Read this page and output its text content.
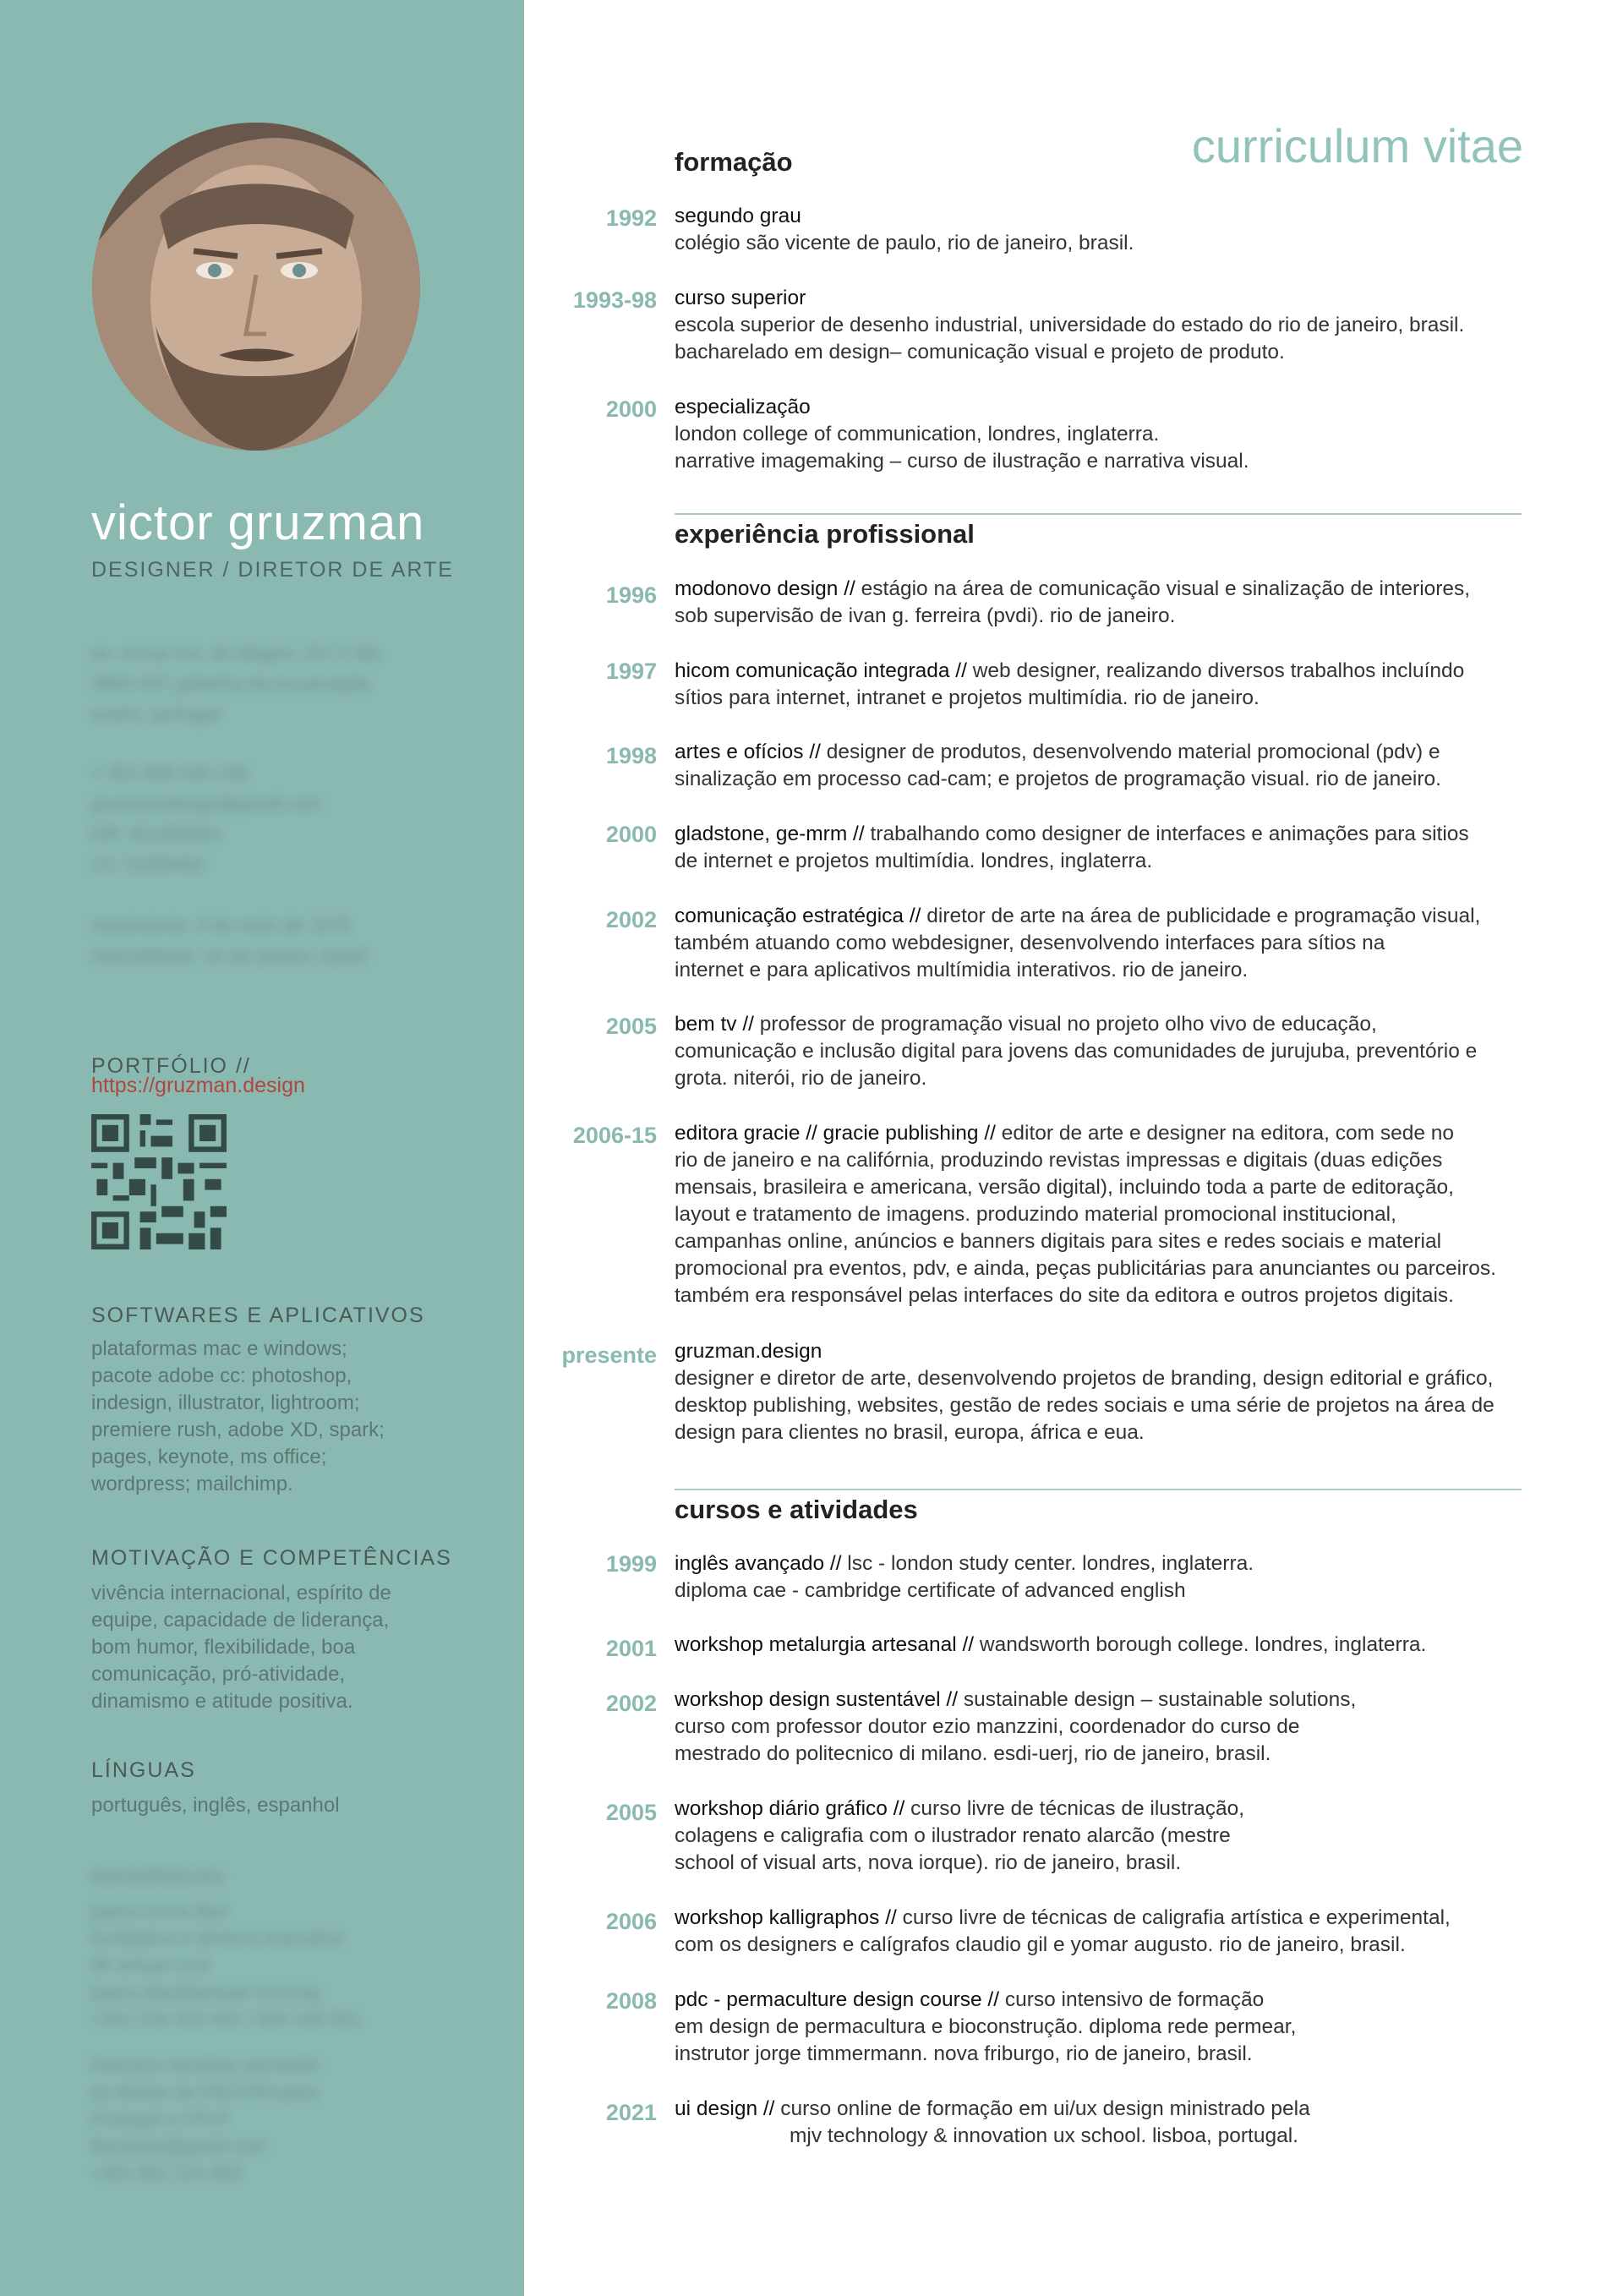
victor gruzman
DESIGNER / DIRETOR DE ARTE
av. nossa sra. da alegria, 23 / 1 dto
3800-457 gafanha da encarnação
aveiro, portugal
+ 351 906 028 138
gruzmandesign@gmail.com
NIF 301068494
CC 11089462
nascimento: 9 de maio de 1975
naturalidade: rio de janeiro, brasil
PORTFÓLIO //
https://gruzman.design
SOFTWARES E APLICATIVOS
plataformas mac e windows;
pacote adobe cc: photoshop,
indesign, illustrator, lightroom;
premiere rush, adobe XD, spark;
pages, keynote, ms office;
wordpress; mailchimp.
MOTIVAÇÃO E COMPETÊNCIAS
vivência internacional, espírito de
equipe, capacidade de liderança,
bom humor, flexibilidade, boa
comunicação, pró-atividade,
dinamismo e atitude positiva.
LÍNGUAS
português, inglês, espanhol
REFERÊNCIAS
joana rocha dias
fundadora e diretora executiva
de antuan ecd
joana.dias@antuan-ecd.org
+351 234 424 402 / 965 148 541
francisco kendras sarmento
ex-diretor do FACCRA para
Portugal e CPLP
fkendras@gmail.com
+351 961 124 483
curriculum vitae
formação
1992 segundo grau
colégio são vicente de paulo, rio de janeiro, brasil.
1993-98 curso superior
escola superior de desenho industrial, universidade do estado do rio de janeiro, brasil.
bacharelado em design– comunicação visual e projeto de produto.
2000 especialização
london college of communication, londres, inglaterra.
narrative imagemaking – curso de ilustração e narrativa visual.
experiência profissional
1996 modonovo design // estágio na área de comunicação visual e sinalização de interiores,
sob supervisão de ivan g. ferreira (pvdi). rio de janeiro.
1997 hicom comunicação integrada // web designer, realizando diversos trabalhos incluíndo
sítios para internet, intranet e projetos multimídia. rio de janeiro.
1998 artes e ofícios // designer de produtos, desenvolvendo material promocional (pdv) e
sinalização em processo cad-cam; e projetos de programação visual. rio de janeiro.
2000 gladstone, ge-mrm // trabalhando como designer de interfaces e animações para sitios
de internet e projetos multimídia. londres, inglaterra.
2002 comunicação estratégica // diretor de arte na área de publicidade e programação visual,
também atuando como webdesigner, desenvolvendo interfaces para sítios na
internet e para aplicativos multímidia interativos. rio de janeiro.
2005 bem tv // professor de programação visual no projeto olho vivo de educação,
comunicação e inclusão digital para jovens das comunidades de jurujuba, preventório e
grota. niterói, rio de janeiro.
2006-15 editora gracie // gracie publishing // editor de arte e designer na editora, com sede no
rio de janeiro e na califórnia, produzindo revistas impressas e digitais (duas edições
mensais, brasileira e americana, versão digital), incluindo toda a parte de editoração,
layout e tratamento de imagens. produzindo material promocional institucional,
campanhas online, anúncios e banners digitais para sites e redes sociais e material
promocional pra eventos, pdv, e ainda, peças publicitárias para anunciantes ou parceiros.
também era responsável pelas interfaces do site da editora e outros projetos digitais.
presente gruzman.design
designer e diretor de arte, desenvolvendo projetos de branding, design editorial e gráfico,
desktop publishing, websites, gestão de redes sociais e uma série de projetos na área de
design para clientes no brasil, europa, áfrica e eua.
cursos e atividades
1999 inglês avançado // lsc - london study center. londres, inglaterra.
diploma cae - cambridge certificate of advanced english
2001 workshop metalurgia artesanal // wandsworth borough college. londres, inglaterra.
2002 workshop design sustentável // sustainable design – sustainable solutions,
curso com professor doutor ezio manzzini, coordenador do curso de
mestrado do politecnico di milano. esdi-uerj, rio de janeiro, brasil.
2005 workshop diário gráfico // curso livre de técnicas de ilustração,
colagens e caligrafia com o ilustrador renato alarcão (mestre
school of visual arts, nova iorque). rio de janeiro, brasil.
2006 workshop kalligraphos // curso livre de técnicas de caligrafia artística e experimental,
com os designers e calígrafos claudio gil e yomar augusto. rio de janeiro, brasil.
2008 pdc - permaculture design course // curso intensivo de formação
em design de permacultura e bioconstrução. diploma rede permear,
instrutor jorge timmermann. nova friburgo, rio de janeiro, brasil.
2021 ui design // curso online de formação em ui/ux design ministrado pela
mjv technology & innovation ux school. lisboa, portugal.
